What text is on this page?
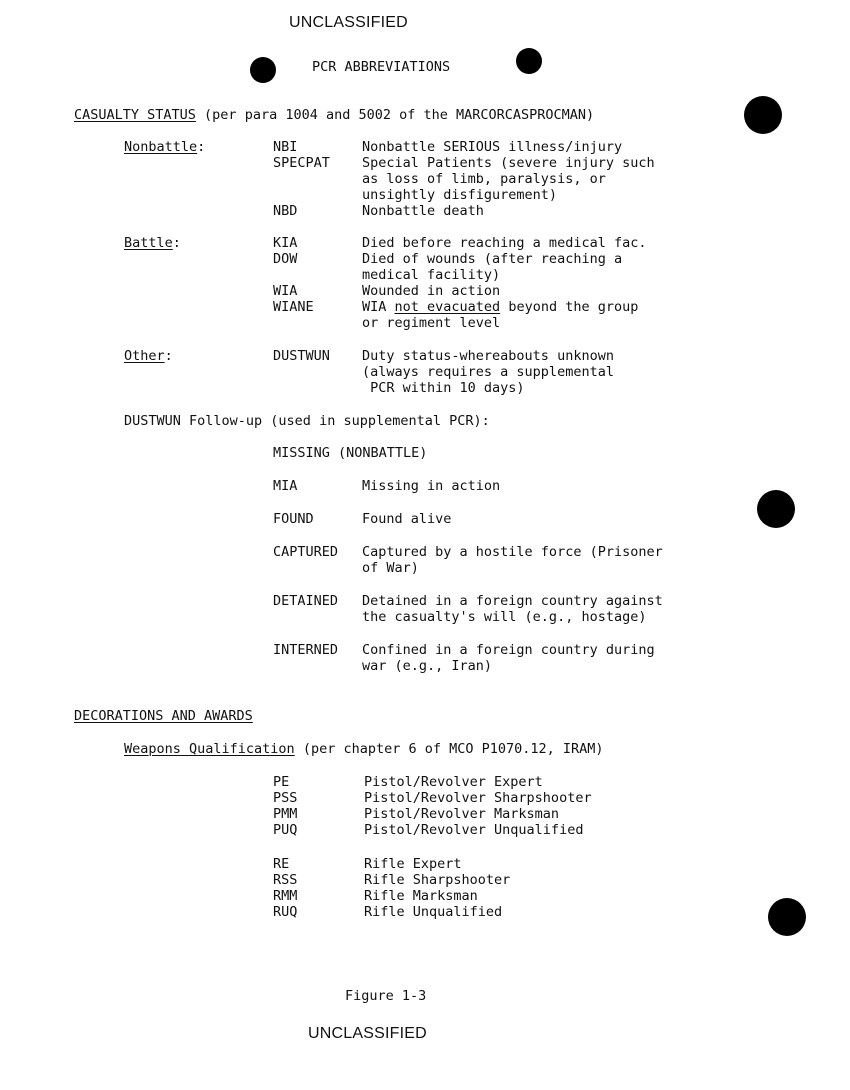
UNCLASSIFIED
PCR ABBREVIATIONS
CASUALTY STATUS (per para 1004 and 5002 of the MARCORCASPROCMAN)
Nonbattle:	NBI	Nonbattle SERIOUS illness/injury
SPECPAT Special Patients (severe injury such
as loss of limb, paralysis, or
unsightly disfigurement)
NBD	Nonbattle death
Battle:	KIA	Died before reaching a medical fac.
DOW	Died of wounds (after reaching a
medical facility)
WIA	Wounded in action
WIANE	WIA not evacuated beyond the group
or regiment level
Other:	DUSTWUN Duty status-whereabouts unknown
(always requires a supplemental
PCR within 10 days)
DUSTWUN Follow-up (used in supplemental PCR):
MISSING (NONBATTLE)
MIA	Missing in action
FOUND	Found alive
CAPTURED Captured by a hostile force (Prisoner
of War)
DETAINED Detained in a foreign country against
the casualty's will (e.g., hostage)
INTERNED Confined in a foreign country during
war (e.g., Iran)
DECORATIONS AND AWARDS
Weapons Qualification (per chapter 6 of MCO P1070.12, IRAM)
PE	Pistol/Revolver Expert
PSS	Pistol/Revolver Sharpshooter
PMM	Pistol/Revolver Marksman
PUQ	Pistol/Revolver Unqualified
RE	Rifle Expert
RSS	Rifle Sharpshooter
RMM	Rifle Marksman
RUQ	Rifle Unqualified
Figure 1-3
UNCLASSIFIED
